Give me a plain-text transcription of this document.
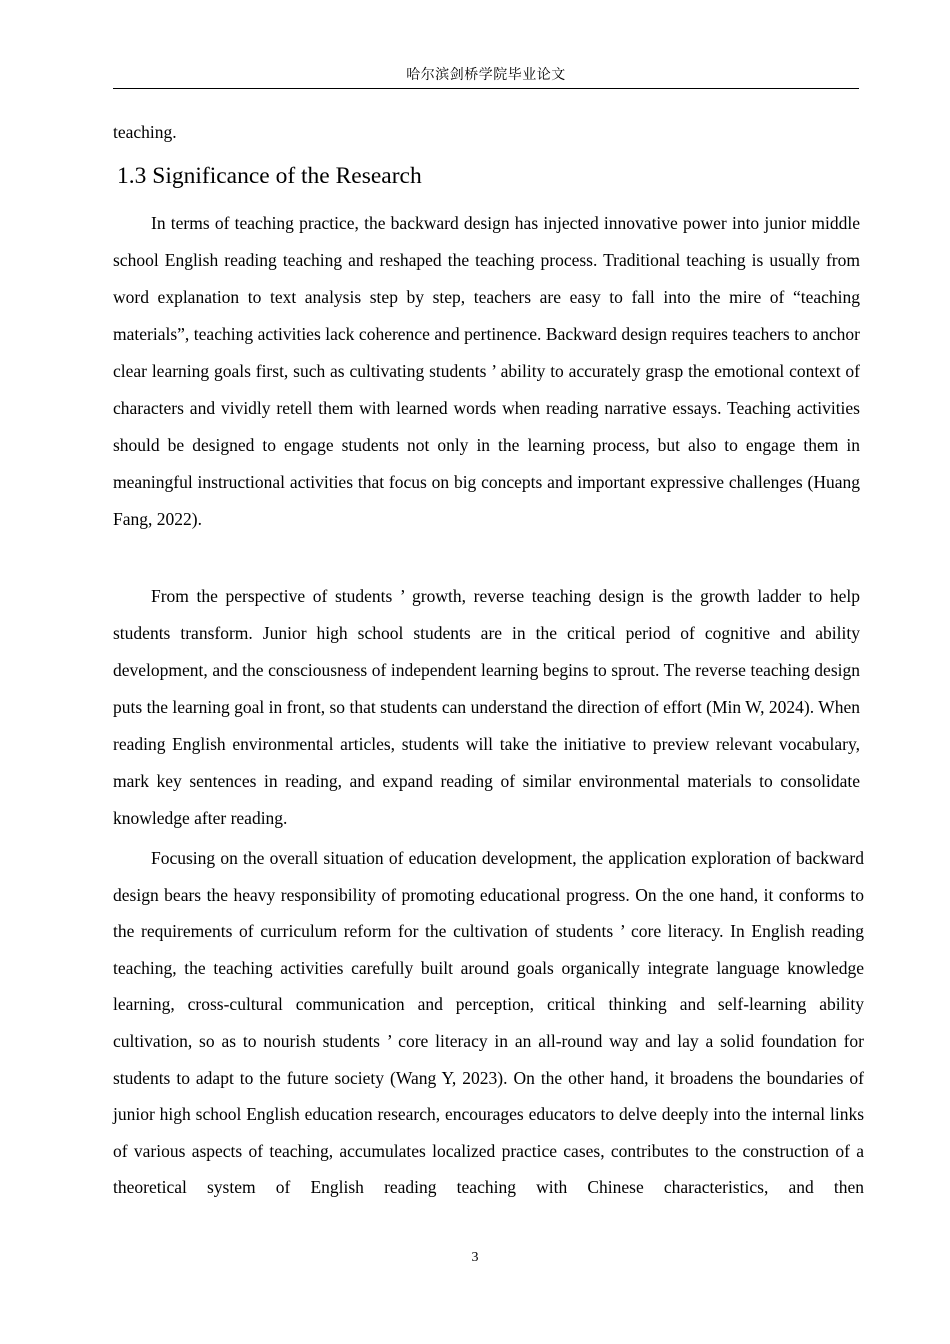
哈尔滨剑桥学院毕业论文
teaching.
1.3 Significance of the Research

In terms of teaching practice, the backward design has injected innovative power into junior middle school English reading teaching and reshaped the teaching process. Traditional teaching is usually from word explanation to text analysis step by step, teachers are easy to fall into the mire of “teaching materials”, teaching activities lack coherence and pertinence. Backward design requires teachers to anchor clear learning goals first, such as cultivating students ’ ability to accurately grasp the emotional context of characters and vividly retell them with learned words when reading narrative essays. Teaching activities should be designed to engage students not only in the learning process, but also to engage them in meaningful instructional activities that focus on big concepts and important expressive challenges (Huang Fang, 2022).

From the perspective of students ’ growth, reverse teaching design is the growth ladder to help students transform. Junior high school students are in the critical period of cognitive and ability development, and the consciousness of independent learning begins to sprout. The reverse teaching design puts the learning goal in front, so that students can understand the direction of effort (Min W, 2024). When reading English environmental articles, students will take the initiative to preview relevant vocabulary, mark key sentences in reading, and expand reading of similar environmental materials to consolidate knowledge after reading.

Focusing on the overall situation of education development, the application exploration of backward design bears the heavy responsibility of promoting educational progress. On the one hand, it conforms to the requirements of curriculum reform for the cultivation of students ’ core literacy. In English reading teaching, the teaching activities carefully built around goals organically integrate language knowledge learning, cross-cultural communication and perception, critical thinking and self-learning ability cultivation, so as to nourish students ’ core literacy in an all-round way and lay a solid foundation for students to adapt to the future society (Wang Y, 2023). On the other hand, it broadens the boundaries of junior high school English education research, encourages educators to delve deeply into the internal links of various aspects of teaching, accumulates localized practice cases, contributes to the construction of a theoretical system of English reading teaching with Chinese characteristics, and then

3
